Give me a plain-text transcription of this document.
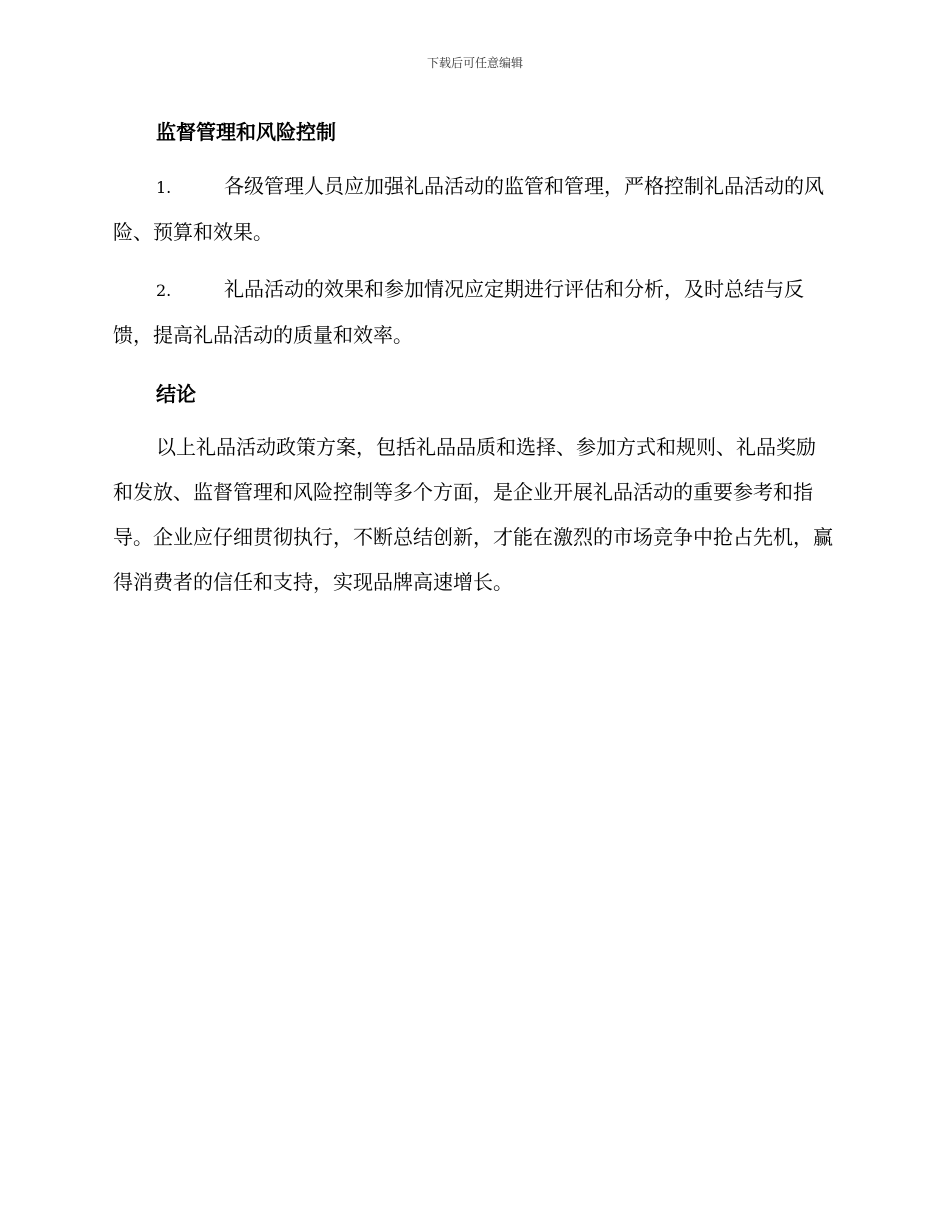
下载后可任意编辑
监督管理和风险控制

1.	各级管理人员应加强礼品活动的监管和管理，严格控制礼品活动的风险、预算和效果。

2.	礼品活动的效果和参加情况应定期进行评估和分析，及时总结与反馈，提高礼品活动的质量和效率。

结论

以上礼品活动政策方案，包括礼品品质和选择、参加方式和规则、礼品奖励和发放、监督管理和风险控制等多个方面，是企业开展礼品活动的重要参考和指导。企业应仔细贯彻执行，不断总结创新，才能在激烈的市场竞争中抢占先机，赢得消费者的信任和支持，实现品牌高速增长。
